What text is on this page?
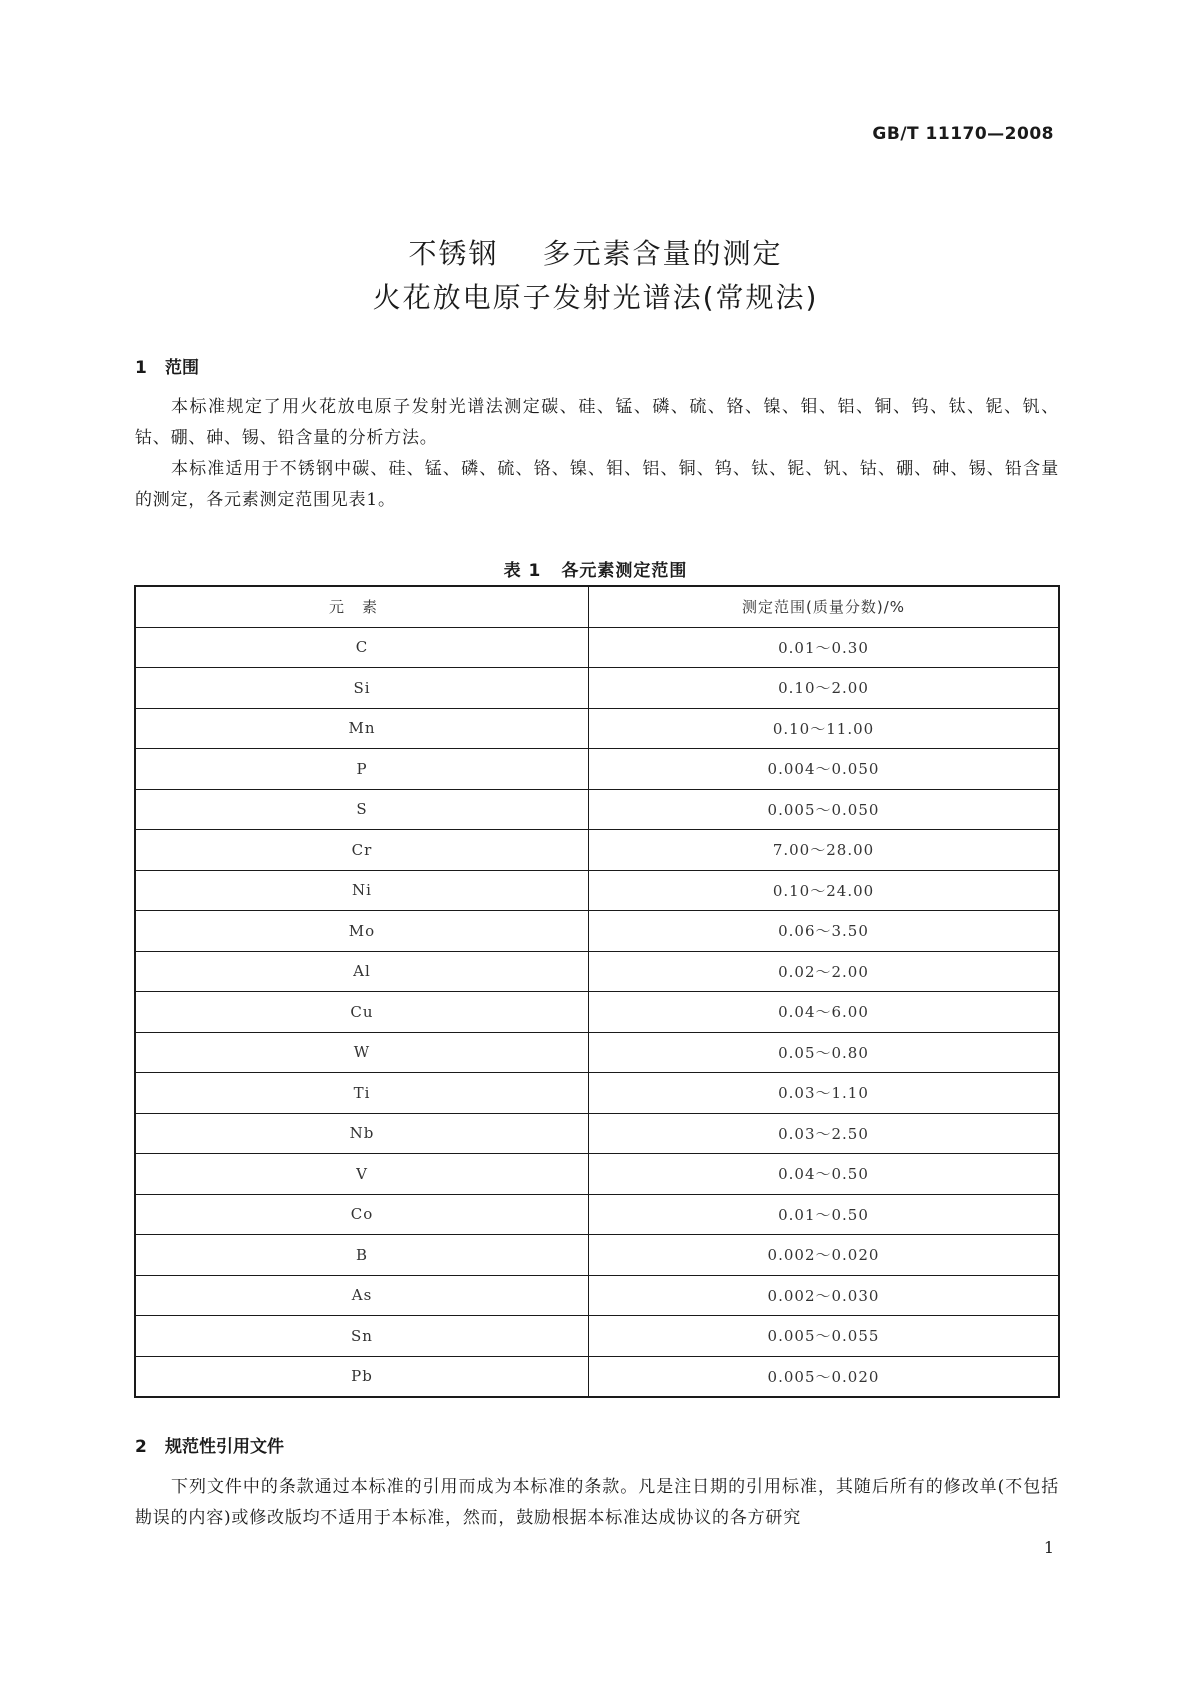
GB/T 11170—2008
不锈钢 多元素含量的测定
火花放电原子发射光谱法(常规法)
1 范围
本标准规定了用火花放电原子发射光谱法测定碳、硅、锰、磷、硫、铬、镍、钼、铝、铜、钨、钛、铌、钒、钴、硼、砷、锡、铅含量的分析方法。
本标准适用于不锈钢中碳、硅、锰、磷、硫、铬、镍、钼、铝、铜、钨、钛、铌、钒、钴、硼、砷、锡、铅含量的测定，各元素测定范围见表1。
表 1 各元素测定范围
元素	测定范围(质量分数)/%
C	0.01～0.30
Si	0.10～2.00
Mn	0.10～11.00
P	0.004～0.050
S	0.005～0.050
Cr	7.00～28.00
Ni	0.10～24.00
Mo	0.06～3.50
Al	0.02～2.00
Cu	0.04～6.00
W	0.05～0.80
Ti	0.03～1.10
Nb	0.03～2.50
V	0.04～0.50
Co	0.01～0.50
B	0.002～0.020
As	0.002～0.030
Sn	0.005～0.055
Pb	0.005～0.020
2 规范性引用文件
下列文件中的条款通过本标准的引用而成为本标准的条款。凡是注日期的引用标准，其随后所有的修改单(不包括勘误的内容)或修改版均不适用于本标准，然而，鼓励根据本标准达成协议的各方研究
1
